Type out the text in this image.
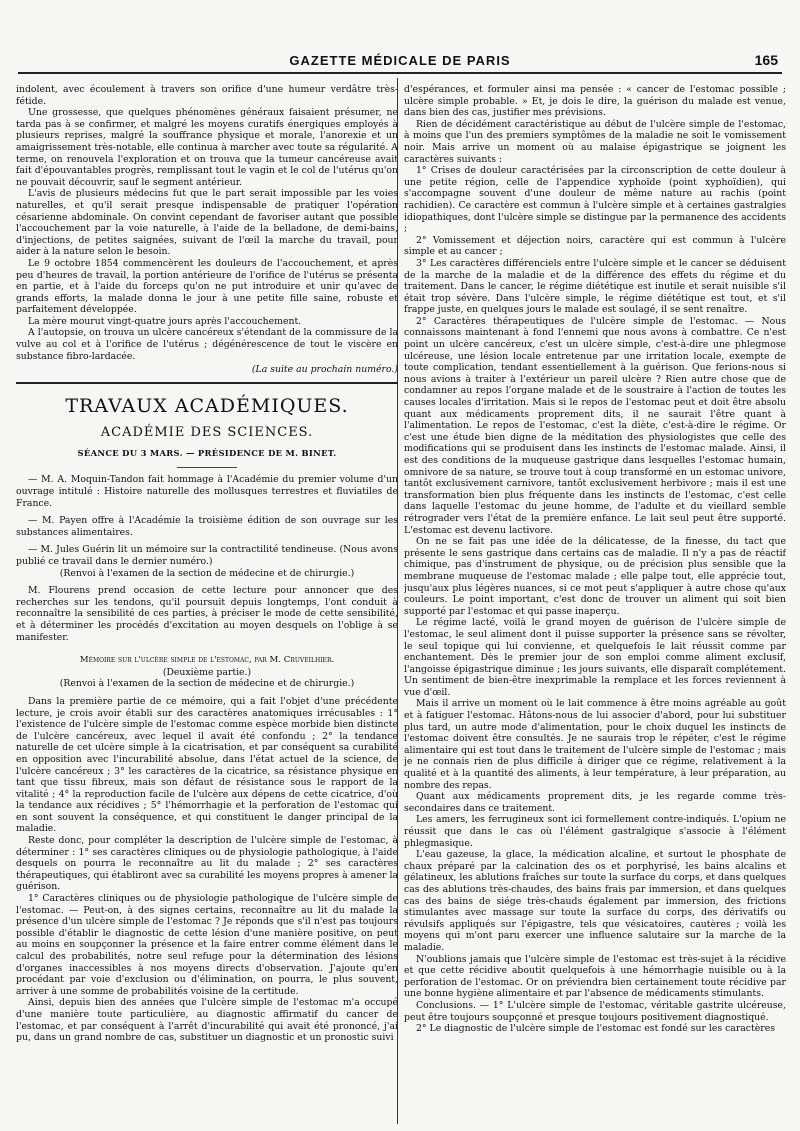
GAZETTE MÉDICALE DE PARIS	165

indolent, avec écoulement à travers son orifice d'une humeur verdâtre très-fétide.

Une grossesse, que quelques phénomènes généraux faisaient présumer, ne tarda pas à se confirmer, et malgré les moyens curatifs énergiques employés à plusieurs reprises, malgré la souffrance physique et morale, l'anorexie et un amaigrissement très-notable, elle continua à marcher avec toute sa régularité. A terme, on renouvela l'exploration et on trouva que la tumeur cancéreuse avait fait d'épouvantables progrès, remplissant tout le vagin et le col de l'utérus qu'on ne pouvait découvrir, sauf le segment antérieur.

L'avis de plusieurs médecins fut que le part serait impossible par les voies naturelles, et qu'il serait presque indispensable de pratiquer l'opération césarienne abdominale. On convint cependant de favoriser autant que possible l'accouchement par la voie naturelle, à l'aide de la belladone, de demi-bains, d'injections, de petites saignées, suivant de l'œil la marche du travail, pour aider à la nature selon le besoin.

Le 9 octobre 1854 commencèrent les douleurs de l'accouchement, et après peu d'heures de travail, la portion antérieure de l'orifice de l'utérus se présenta en partie, et à l'aide du forceps qu'on ne put introduire et unir qu'avec de grands efforts, la malade donna le jour à une petite fille saine, robuste et parfaitement développée.

La mère mourut vingt-quatre jours après l'accouchement.

A l'autopsie, on trouva un ulcère cancéreux s'étendant de la commissure de la vulve au col et à l'orifice de l'utérus ; dégénérescence de tout le viscère en substance fibro-lardacée.

(La suite au prochain numéro.)

TRAVAUX ACADÉMIQUES.
ACADÉMIE DES SCIENCES.
SÉANCE DU 3 MARS. — PRÉSIDENCE DE M. BINET.

— M. A. Moquin-Tandon fait hommage à l'Académie du premier volume d'un ouvrage intitulé : Histoire naturelle des mollusques terrestres et fluviatiles de France.

— M. Payen offre à l'Académie la troisième édition de son ouvrage sur les substances alimentaires.

— M. Jules Guérin lit un mémoire sur la contractilité tendineuse. (Nous avons publié ce travail dans le dernier numéro.)

(Renvoi à l'examen de la section de médecine et de chirurgie.)

M. Flourens prend occasion de cette lecture pour annoncer que des recherches sur les tendons, qu'il poursuit depuis longtemps, l'ont conduit à reconnaître la sensibilité de ces parties, à préciser le mode de cette sensibilité, et à déterminer les procédés d'excitation au moyen desquels on l'oblige à se manifester.

Mémoire sur l'ulcère simple de l'estomac, par M. Cruveilhier.

(Deuxième partie.)

(Renvoi à l'examen de la section de médecine et de chirurgie.)

Dans la première partie de ce mémoire, qui a fait l'objet d'une précédente lecture, je crois avoir établi sur des caractères anatomiques irrécusables : 1° l'existence de l'ulcère simple de l'estomac comme espèce morbide bien distincte de l'ulcère cancéreux, avec lequel il avait été confondu ; 2° la tendance naturelle de cet ulcère simple à la cicatrisation, et par conséquent sa curabilité en opposition avec l'incurabilité absolue, dans l'état actuel de la science, de l'ulcère cancéreux ; 3° les caractères de la cicatrice, sa résistance physique en tant que tissu fibreux, mais son défaut de résistance sous le rapport de la vitalité ; 4° la reproduction facile de l'ulcère aux dépens de cette cicatrice, d'où la tendance aux récidives ; 5° l'hémorrhagie et la perforation de l'estomac qui en sont souvent la conséquence, et qui constituent le danger principal de la maladie.

Reste donc, pour compléter la description de l'ulcère simple de l'estomac, à déterminer : 1° ses caractères cliniques ou de physiologie pathologique, à l'aide desquels on pourra le reconnaître au lit du malade ; 2° ses caractères thérapeutiques, qui établiront avec sa curabilité les moyens propres à amener la guérison.

1° Caractères cliniques ou de physiologie pathologique de l'ulcère simple de l'estomac. — Peut-on, à des signes certains, reconnaître au lit du malade la présence d'un ulcère simple de l'estomac ? Je réponds que s'il n'est pas toujours possible d'établir le diagnostic de cette lésion d'une manière positive, on peut au moins en soupçonner la présence et la faire entrer comme élément dans le calcul des probabilités, notre seul refuge pour la détermination des lésions d'organes inaccessibles à nos moyens directs d'observation. J'ajoute qu'en procédant par voie d'exclusion ou d'élimination, on pourra, le plus souvent, arriver à une somme de probabilités voisine de la certitude.

Ainsi, depuis bien des années que l'ulcère simple de l'estomac m'a occupé d'une manière toute particulière, au diagnostic affirmatif du cancer de l'estomac, et par conséquent à l'arrêt d'incurabilité qui avait été prononcé, j'ai pu, dans un grand nombre de cas, substituer un diagnostic et un pronostic suivi

d'espérances, et formuler ainsi ma pensée : « cancer de l'estomac possible ; ulcère simple probable. » Et, je dois le dire, la guérison du malade est venue, dans bien des cas, justifier mes prévisions.

Rien de décidément caractéristique au début de l'ulcère simple de l'estomac, à moins que l'un des premiers symptômes de la maladie ne soit le vomissement noir. Mais arrive un moment où au malaise épigastrique se joignent les caractères suivants :

1° Crises de douleur caractérisées par la circonscription de cette douleur à une petite région, celle de l'appendice xyphoïde (point xyphoïdien), qui s'accompagne souvent d'une douleur de même nature au rachis (point rachidien). Ce caractère est commun à l'ulcère simple et à certaines gastralgies idiopathiques, dont l'ulcère simple se distingue par la permanence des accidents ;

2° Vomissement et déjection noirs, caractère qui est commun à l'ulcère simple et au cancer ;

3° Les caractères différenciels entre l'ulcère simple et le cancer se déduisent de la marche de la maladie et de la différence des effets du régime et du traitement. Dans le cancer, le régime diététique est inutile et serait nuisible s'il était trop sévère. Dans l'ulcère simple, le régime diététique est tout, et s'il frappe juste, en quelques jours le malade est soulagé, il se sent renaître.

2° Caractères thérapeutiques de l'ulcère simple de l'estomac. — Nous connaissons maintenant à fond l'ennemi que nous avons à combattre. Ce n'est point un ulcère cancéreux, c'est un ulcère simple, c'est-à-dire une phlegmose ulcéreuse, une lésion locale entretenue par une irritation locale, exempte de toute complication, tendant essentiellement à la guérison. Que ferions-nous si nous avions à traiter à l'extérieur un pareil ulcère ? Rien autre chose que de condamner au repos l'organe malade et de le soustraire à l'action de toutes les causes locales d'irritation. Mais si le repos de l'estomac peut et doit être absolu quant aux médicaments proprement dits, il ne saurait l'être quant à l'alimentation. Le repos de l'estomac, c'est la diète, c'est-à-dire le régime. Or c'est une étude bien digne de la méditation des physiologistes que celle des modifications qui se produisent dans les instincts de l'estomac malade. Ainsi, il est des conditions de la muqueuse gastrique dans lesquelles l'estomac humain, omnivore de sa nature, se trouve tout à coup transformé en un estomac univore, tantôt exclusivement carnivore, tantôt exclusivement herbivore ; mais il est une transformation bien plus fréquente dans les instincts de l'estomac, c'est celle dans laquelle l'estomac du jeune homme, de l'adulte et du vieillard semble rétrograder vers l'état de la première enfance. Le lait seul peut être supporté. L'estomac est devenu lactivore.

On ne se fait pas une idée de la délicatesse, de la finesse, du tact que présente le sens gastrique dans certains cas de maladie. Il n'y a pas de réactif chimique, pas d'instrument de physique, ou de précision plus sensible que la membrane muqueuse de l'estomac malade ; elle palpe tout, elle apprécie tout, jusqu'aux plus légères nuances, si ce mot peut s'appliquer à autre chose qu'aux couleurs. Le point important, c'est donc de trouver un aliment qui soit bien supporté par l'estomac et qui passe inaperçu.

Le régime lacté, voilà le grand moyen de guérison de l'ulcère simple de l'estomac, le seul aliment dont il puisse supporter la présence sans se révolter, le seul topique qui lui convienne, et quelquefois le lait réussit comme par enchantement. Dès le premier jour de son emploi comme aliment exclusif, l'angoisse épigastrique diminue ; les jours suivants, elle disparaît complétement. Un sentiment de bien-être inexprimable la remplace et les forces reviennent à vue d'œil.

Mais il arrive un moment où le lait commence à être moins agréable au goût et à fatiguer l'estomac. Hâtons-nous de lui associer d'abord, pour lui substituer plus tard, un autre mode d'alimentation, pour le choix duquel les instincts de l'estomac doivent être consultés. Je ne saurais trop le répéter, c'est le régime alimentaire qui est tout dans le traitement de l'ulcère simple de l'estomac ; mais je ne connais rien de plus difficile à diriger que ce régime, relativement à la qualité et à la quantité des aliments, à leur température, à leur préparation, au nombre des repas.

Quant aux médicaments proprement dits, je les regarde comme très-secondaires dans ce traitement.

Les amers, les ferrugineux sont ici formellement contre-indiqués. L'opium ne réussit que dans le cas où l'élément gastralgique s'associe à l'élément phlegmasique.

L'eau gazeuse, la glace, la médication alcaline, et surtout le phosphate de chaux préparé par la calcination des os et porphyrisé, les bains alcalins et gélatineux, les ablutions fraîches sur toute la surface du corps, et dans quelques cas des ablutions très-chaudes, des bains frais par immersion, et dans quelques cas des bains de siége très-chauds également par immersion, des frictions stimulantes avec massage sur toute la surface du corps, des dérivatifs ou révulsifs appliqués sur l'épigastre, tels que vésicatoires, cautères ; voilà les moyens qui m'ont paru exercer une influence salutaire sur la marche de la maladie.

N'oublions jamais que l'ulcère simple de l'estomac est très-sujet à la récidive et que cette récidive aboutit quelquefois à une hémorrhagie nuisible ou à la perforation de l'estomac. Or on préviendra bien certainement toute récidive par une bonne hygiène alimentaire et par l'absence de médicaments stimulants.

Conclusions. — 1° L'ulcère simple de l'estomac, véritable gastrite ulcéreuse, peut être toujours soupçonné et presque toujours positivement diagnostiqué.

2° Le diagnostic de l'ulcère simple de l'estomac est fondé sur les caractères
